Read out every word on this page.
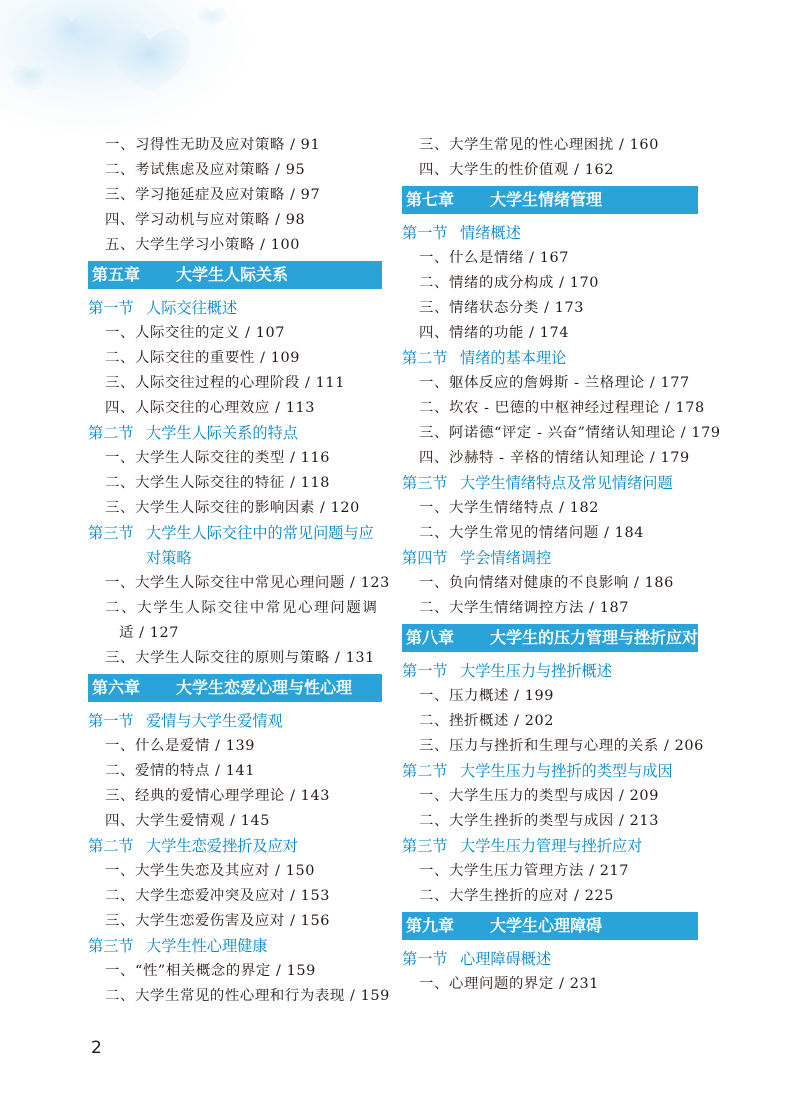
一、习得性无助及应对策略 / 91
二、考试焦虑及应对策略 / 95
三、学习拖延症及应对策略 / 97
四、学习动机与应对策略 / 98
五、大学生学习小策略 / 100
第五章 大学生人际关系
第一节 人际交往概述
一、人际交往的定义 / 107
二、人际交往的重要性 / 109
三、人际交往过程的心理阶段 / 111
四、人际交往的心理效应 / 113
第二节 大学生人际关系的特点
一、大学生人际交往的类型 / 116
二、大学生人际交往的特征 / 118
三、大学生人际交往的影响因素 / 120
第三节 大学生人际交往中的常见问题与应
对策略
一、大学生人际交往中常见心理问题 / 123
二、大学生人际交往中常见心理问题调
适 / 127
三、大学生人际交往的原则与策略 / 131
第六章 大学生恋爱心理与性心理
第一节 爱情与大学生爱情观
一、什么是爱情 / 139
二、爱情的特点 / 141
三、经典的爱情心理学理论 / 143
四、大学生爱情观 / 145
第二节 大学生恋爱挫折及应对
一、大学生失恋及其应对 / 150
二、大学生恋爱冲突及应对 / 153
三、大学生恋爱伤害及应对 / 156
第三节 大学生性心理健康
一、“性”相关概念的界定 / 159
二、大学生常见的性心理和行为表现 / 159
三、大学生常见的性心理困扰 / 160
四、大学生的性价值观 / 162
第七章 大学生情绪管理
第一节 情绪概述
一、什么是情绪 / 167
二、情绪的成分构成 / 170
三、情绪状态分类 / 173
四、情绪的功能 / 174
第二节 情绪的基本理论
一、躯体反应的詹姆斯 - 兰格理论 / 177
二、坎农 - 巴德的中枢神经过程理论 / 178
三、阿诺德“评定 - 兴奋”情绪认知理论 / 179
四、沙赫特 - 辛格的情绪认知理论 / 179
第三节 大学生情绪特点及常见情绪问题
一、大学生情绪特点 / 182
二、大学生常见的情绪问题 / 184
第四节 学会情绪调控
一、负向情绪对健康的不良影响 / 186
二、大学生情绪调控方法 / 187
第八章 大学生的压力管理与挫折应对
第一节 大学生压力与挫折概述
一、压力概述 / 199
二、挫折概述 / 202
三、压力与挫折和生理与心理的关系 / 206
第二节 大学生压力与挫折的类型与成因
一、大学生压力的类型与成因 / 209
二、大学生挫折的类型与成因 / 213
第三节 大学生压力管理与挫折应对
一、大学生压力管理方法 / 217
二、大学生挫折的应对 / 225
第九章 大学生心理障碍
第一节 心理障碍概述
一、心理问题的界定 / 231
2
